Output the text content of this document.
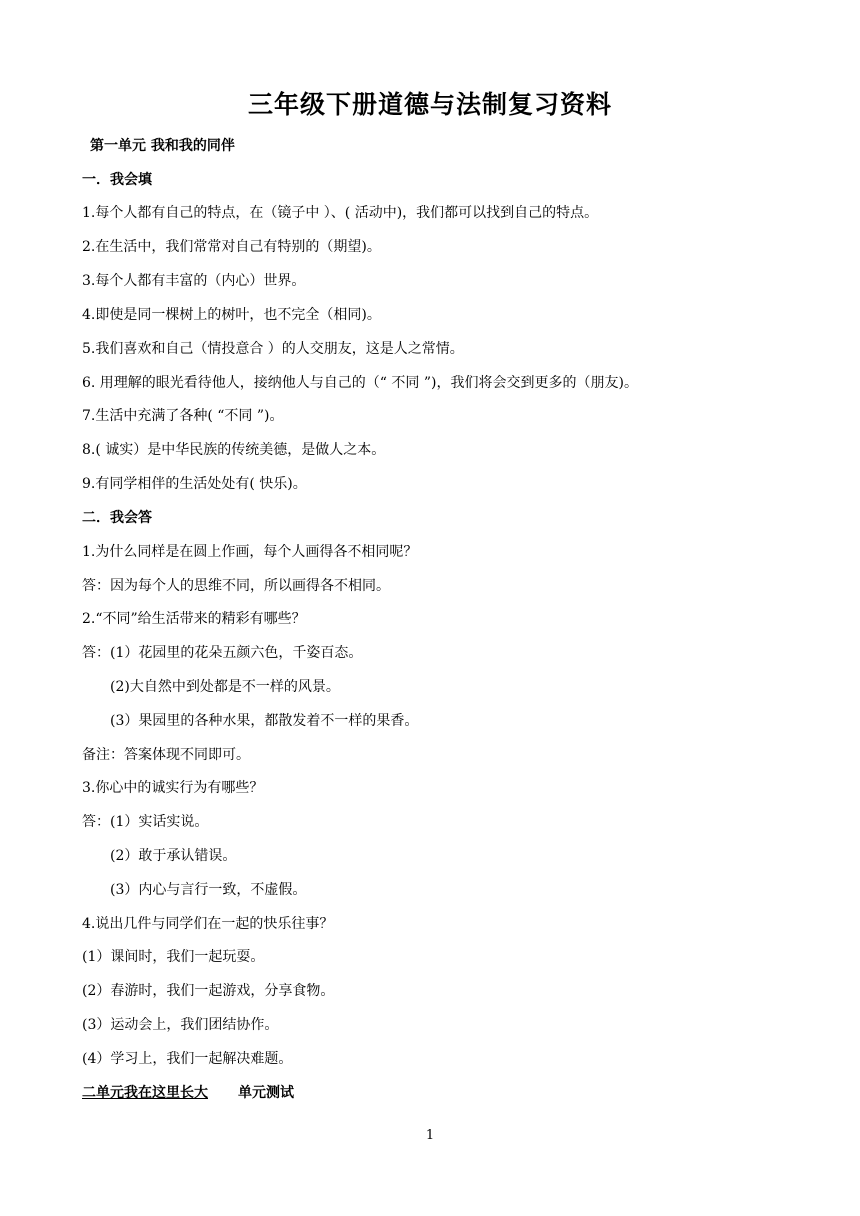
三年级下册道德与法制复习资料
第一单元 我和我的同伴
一．我会填
1.每个人都有自己的特点，在（镜子中 ）、( 活动中)，我们都可以找到自己的特点。
2.在生活中，我们常常对自己有特别的（期望)。
3.每个人都有丰富的（内心）世界。
4.即使是同一棵树上的树叶，也不完全（相同)。
5.我们喜欢和自己（情投意合 ）的人交朋友，这是人之常情。
6. 用理解的眼光看待他人，接纳他人与自己的（“ 不同 ”)，我们将会交到更多的（朋友)。
7.生活中充满了各种( “不同 ”)。
8.( 诚实）是中华民族的传统美德，是做人之本。
9.有同学相伴的生活处处有( 快乐)。
二．我会答
1.为什么同样是在圆上作画，每个人画得各不相同呢？
答：因为每个人的思维不同，所以画得各不相同。
2.“不同”给生活带来的精彩有哪些？
答：(1）花园里的花朵五颜六色，千姿百态。
(2)大自然中到处都是不一样的风景。
(3）果园里的各种水果，都散发着不一样的果香。
备注：答案体现不同即可。
3.你心中的诚实行为有哪些？
答：(1）实话实说。
(2）敢于承认错误。
(3）内心与言行一致，不虚假。
4.说出几件与同学们在一起的快乐往事？
(1）课间时，我们一起玩耍。
(2）春游时，我们一起游戏，分享食物。
(3）运动会上，我们团结协作。
(4）学习上，我们一起解决难题。
二单元我在这里长大 单元测试
1
